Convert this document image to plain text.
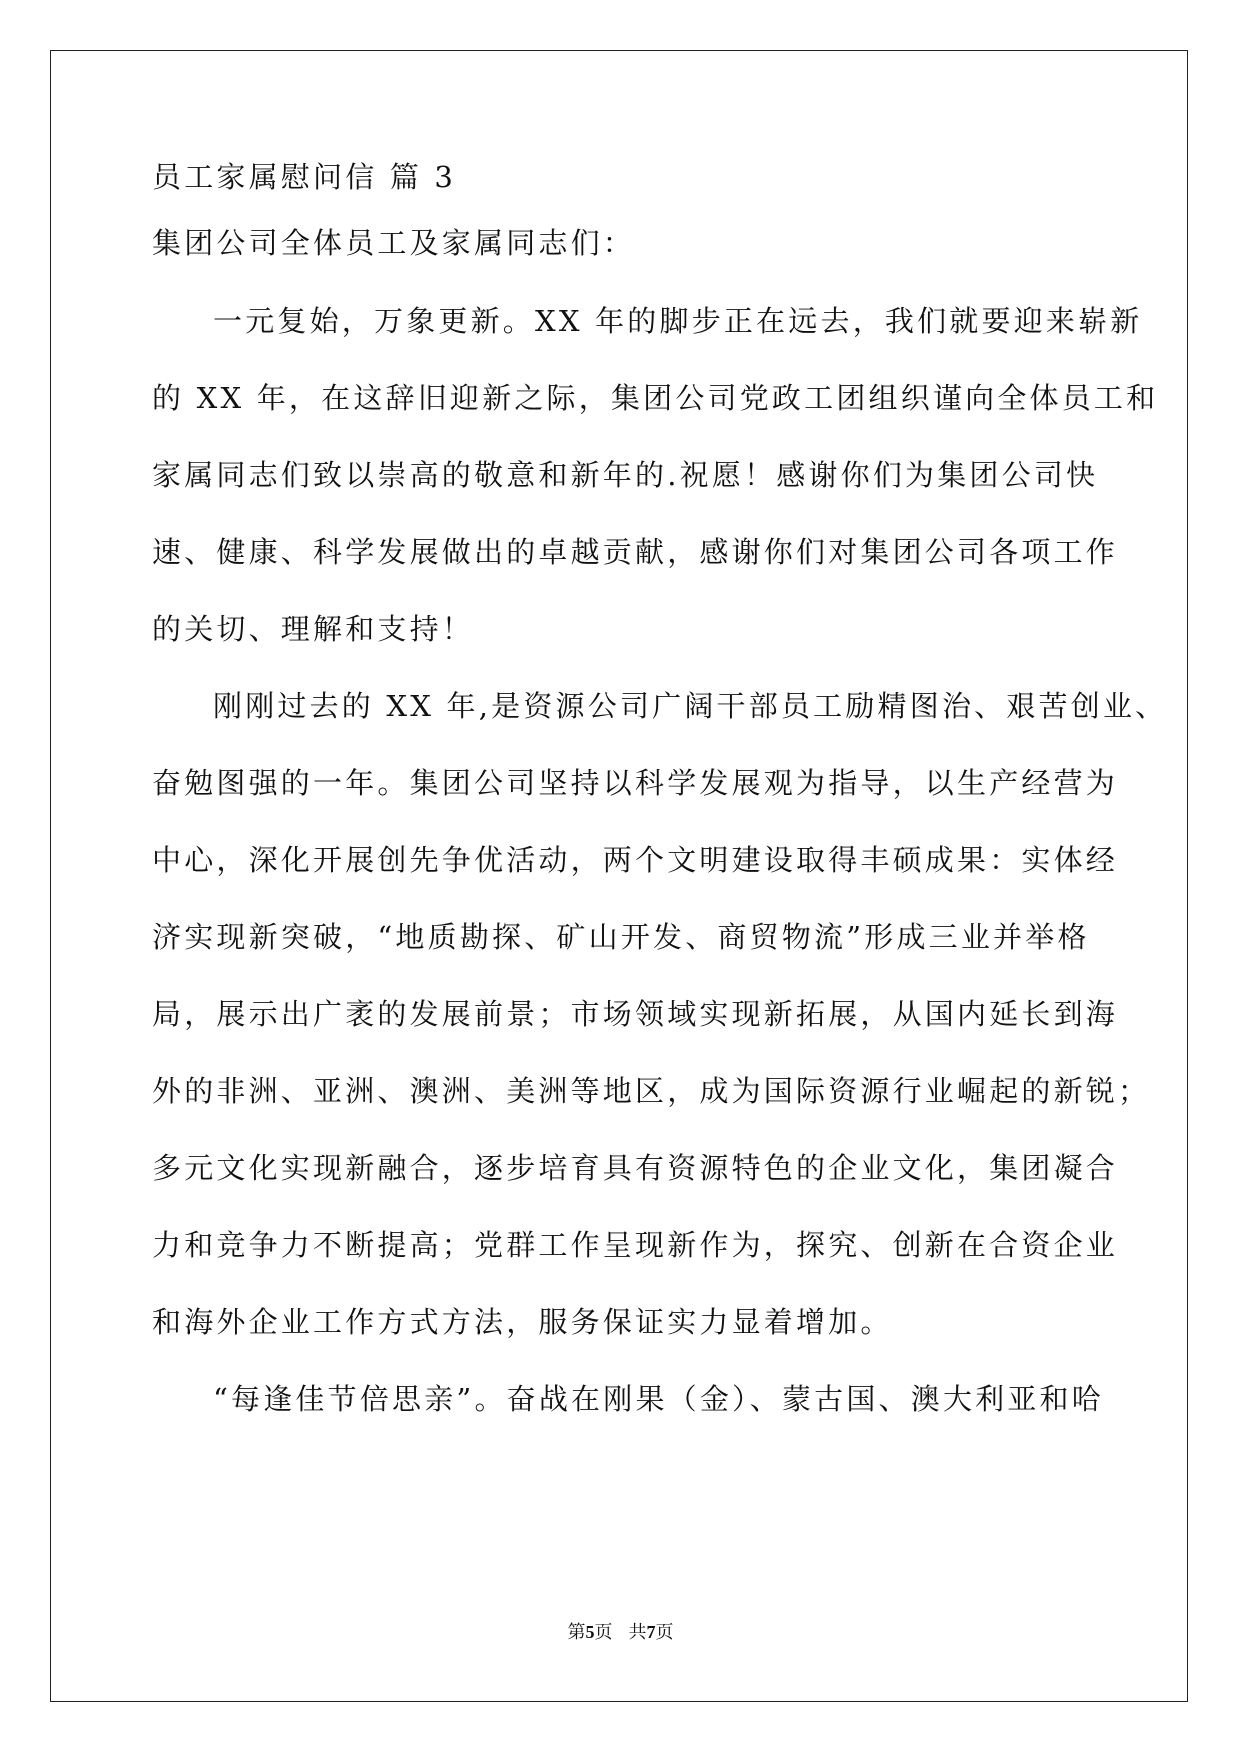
员工家属慰问信 篇 3
集团公司全体员工及家属同志们：
一元复始，万象更新。XX 年的脚步正在远去，我们就要迎来崭新
的 XX 年，在这辞旧迎新之际，集团公司党政工团组织谨向全体员工和
家属同志们致以崇高的敬意和新年的.祝愿！感谢你们为集团公司快
速、健康、科学发展做出的卓越贡献，感谢你们对集团公司各项工作
的关切、理解和支持！
刚刚过去的 XX 年,是资源公司广阔干部员工励精图治、艰苦创业、
奋勉图强的一年。集团公司坚持以科学发展观为指导，以生产经营为
中心，深化开展创先争优活动，两个文明建设取得丰硕成果：实体经
济实现新突破，“地质勘探、矿山开发、商贸物流”形成三业并举格
局，展示出广袤的发展前景；市场领域实现新拓展，从国内延长到海
外的非洲、亚洲、澳洲、美洲等地区，成为国际资源行业崛起的新锐；
多元文化实现新融合，逐步培育具有资源特色的企业文化，集团凝合
力和竞争力不断提高；党群工作呈现新作为，探究、创新在合资企业
和海外企业工作方式方法，服务保证实力显着增加。
“每逢佳节倍思亲”。奋战在刚果（金）、蒙古国、澳大利亚和哈
第5页 共7页
